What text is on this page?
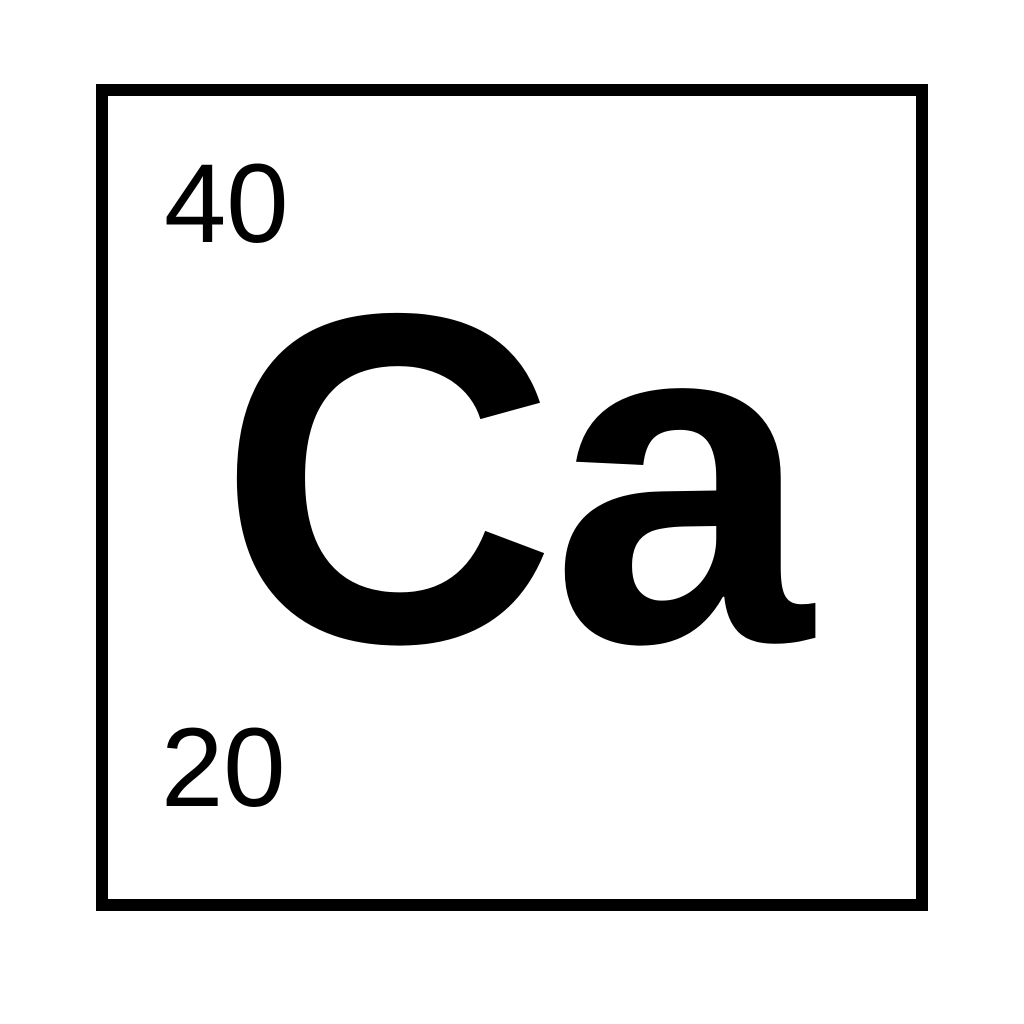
40
Ca
20
